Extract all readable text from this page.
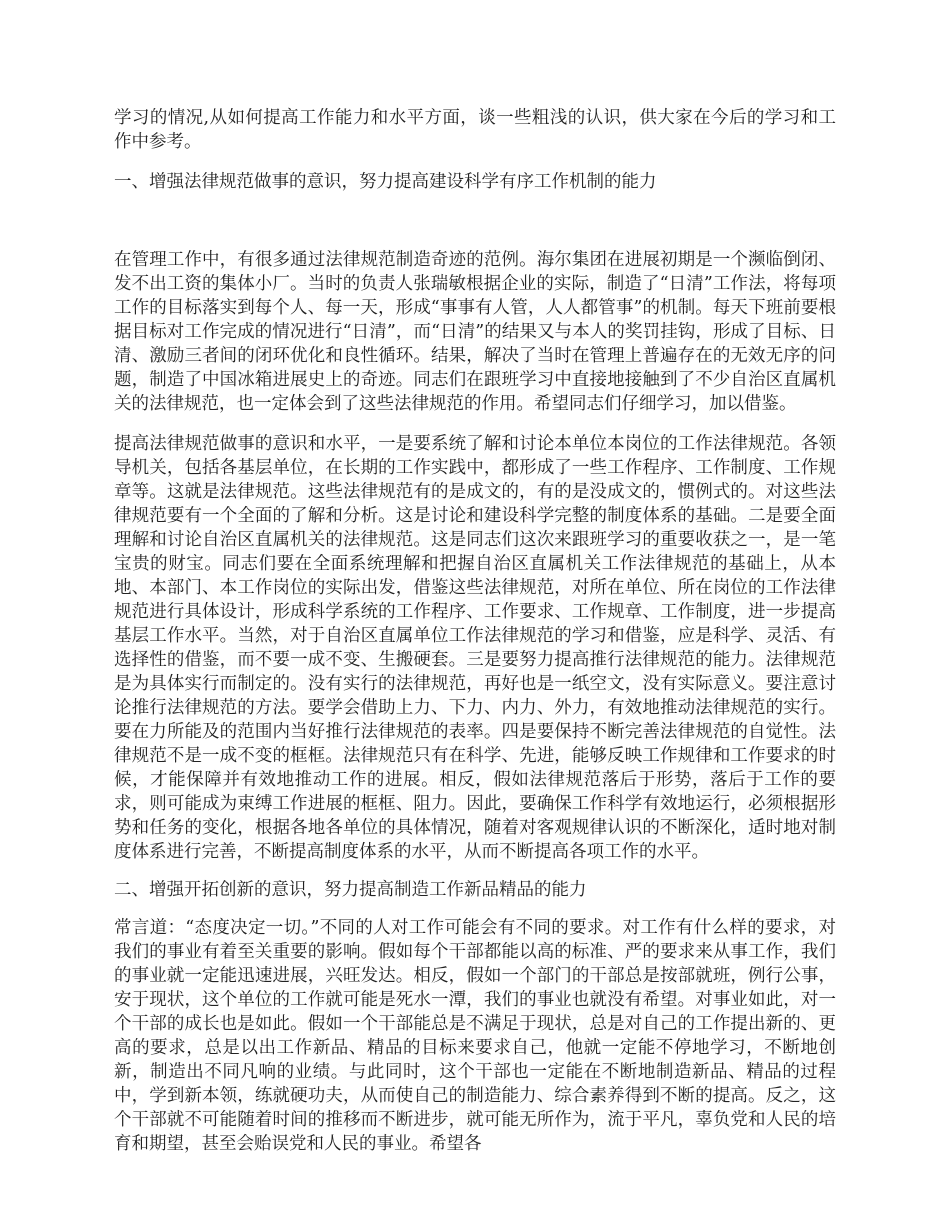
学习的情况,从如何提高工作能力和水平方面，谈一些粗浅的认识，供大家在今后的学习和工作中参考。

一、增强法律规范做事的意识，努力提高建设科学有序工作机制的能力

在管理工作中，有很多通过法律规范制造奇迹的范例。海尔集团在进展初期是一个濒临倒闭、发不出工资的集体小厂。当时的负责人张瑞敏根据企业的实际，制造了“日清”工作法，将每项工作的目标落实到每个人、每一天，形成“事事有人管，人人都管事”的机制。每天下班前要根据目标对工作完成的情况进行“日清”，而“日清”的结果又与本人的奖罚挂钩，形成了目标、日清、激励三者间的闭环优化和良性循环。结果，解决了当时在管理上普遍存在的无效无序的问题，制造了中国冰箱进展史上的奇迹。同志们在跟班学习中直接地接触到了不少自治区直属机关的法律规范，也一定体会到了这些法律规范的作用。希望同志们仔细学习，加以借鉴。

提高法律规范做事的意识和水平，一是要系统了解和讨论本单位本岗位的工作法律规范。各领导机关，包括各基层单位，在长期的工作实践中，都形成了一些工作程序、工作制度、工作规章等。这就是法律规范。这些法律规范有的是成文的，有的是没成文的，惯例式的。对这些法律规范要有一个全面的了解和分析。这是讨论和建设科学完整的制度体系的基础。二是要全面理解和讨论自治区直属机关的法律规范。这是同志们这次来跟班学习的重要收获之一，是一笔宝贵的财宝。同志们要在全面系统理解和把握自治区直属机关工作法律规范的基础上，从本地、本部门、本工作岗位的实际出发，借鉴这些法律规范，对所在单位、所在岗位的工作法律规范进行具体设计，形成科学系统的工作程序、工作要求、工作规章、工作制度，进一步提高基层工作水平。当然，对于自治区直属单位工作法律规范的学习和借鉴，应是科学、灵活、有选择性的借鉴，而不要一成不变、生搬硬套。三是要努力提高推行法律规范的能力。法律规范是为具体实行而制定的。没有实行的法律规范，再好也是一纸空文，没有实际意义。要注意讨论推行法律规范的方法。要学会借助上力、下力、内力、外力，有效地推动法律规范的实行。要在力所能及的范围内当好推行法律规范的表率。四是要保持不断完善法律规范的自觉性。法律规范不是一成不变的框框。法律规范只有在科学、先进，能够反映工作规律和工作要求的时候，才能保障并有效地推动工作的进展。相反，假如法律规范落后于形势，落后于工作的要求，则可能成为束缚工作进展的框框、阻力。因此，要确保工作科学有效地运行，必须根据形势和任务的变化，根据各地各单位的具体情况，随着对客观规律认识的不断深化，适时地对制度体系进行完善，不断提高制度体系的水平，从而不断提高各项工作的水平。

二、增强开拓创新的意识，努力提高制造工作新品精品的能力

常言道：“态度决定一切。”不同的人对工作可能会有不同的要求。对工作有什么样的要求，对我们的事业有着至关重要的影响。假如每个干部都能以高的标准、严的要求来从事工作，我们的事业就一定能迅速进展，兴旺发达。相反，假如一个部门的干部总是按部就班，例行公事，安于现状，这个单位的工作就可能是死水一潭，我们的事业也就没有希望。对事业如此，对一个干部的成长也是如此。假如一个干部能总是不满足于现状，总是对自己的工作提出新的、更高的要求，总是以出工作新品、精品的目标来要求自己，他就一定能不停地学习，不断地创新，制造出不同凡响的业绩。与此同时，这个干部也一定能在不断地制造新品、精品的过程中，学到新本领，练就硬功夫，从而使自己的制造能力、综合素养得到不断的提高。反之，这个干部就不可能随着时间的推移而不断进步，就可能无所作为，流于平凡，辜负党和人民的培育和期望，甚至会贻误党和人民的事业。希望各
